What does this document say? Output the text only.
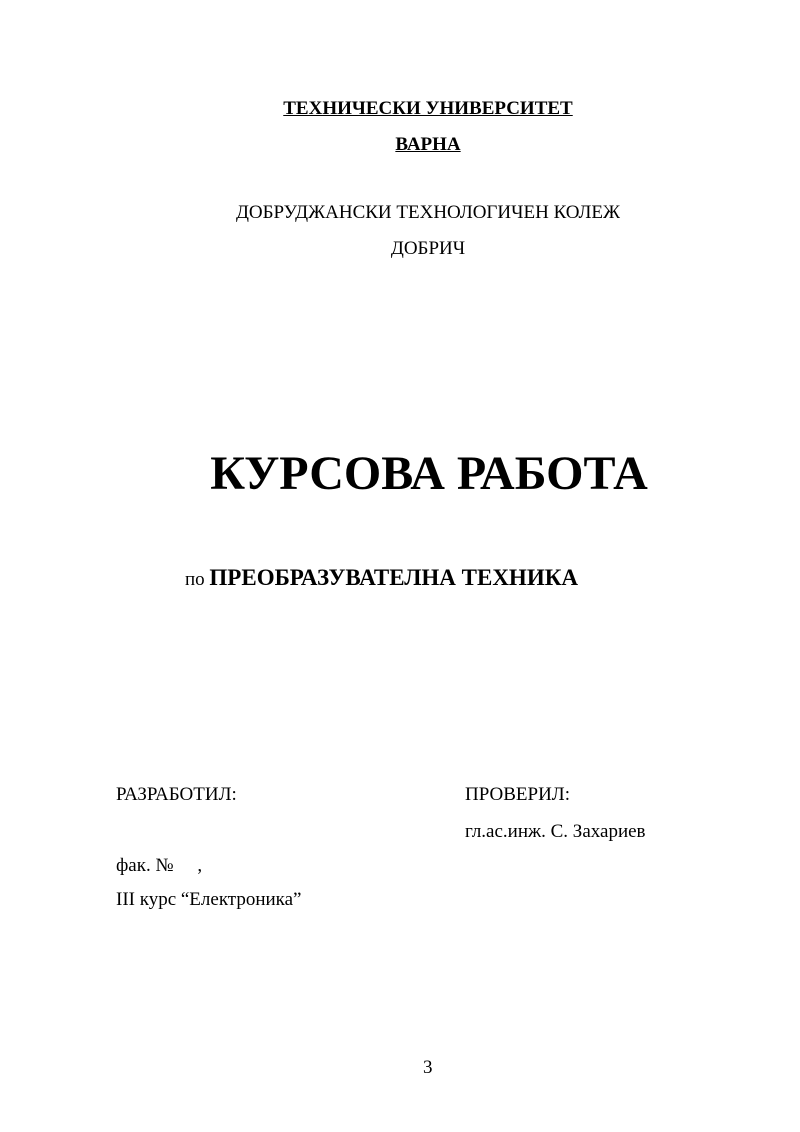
ТЕХНИЧЕСКИ УНИВЕРСИТЕТ
ВАРНА
ДОБРУДЖАНСКИ ТЕХНОЛОГИЧЕН КОЛЕЖ
ДОБРИЧ
КУРСОВА РАБОТА
по ПРЕОБРАЗУВАТЕЛНА ТЕХНИКА
РАЗРАБОТИЛ:	ПРОВЕРИЛ:
гл.ас.инж. С. Захариев
фак. №     ,
III курс “Електроника”
3
